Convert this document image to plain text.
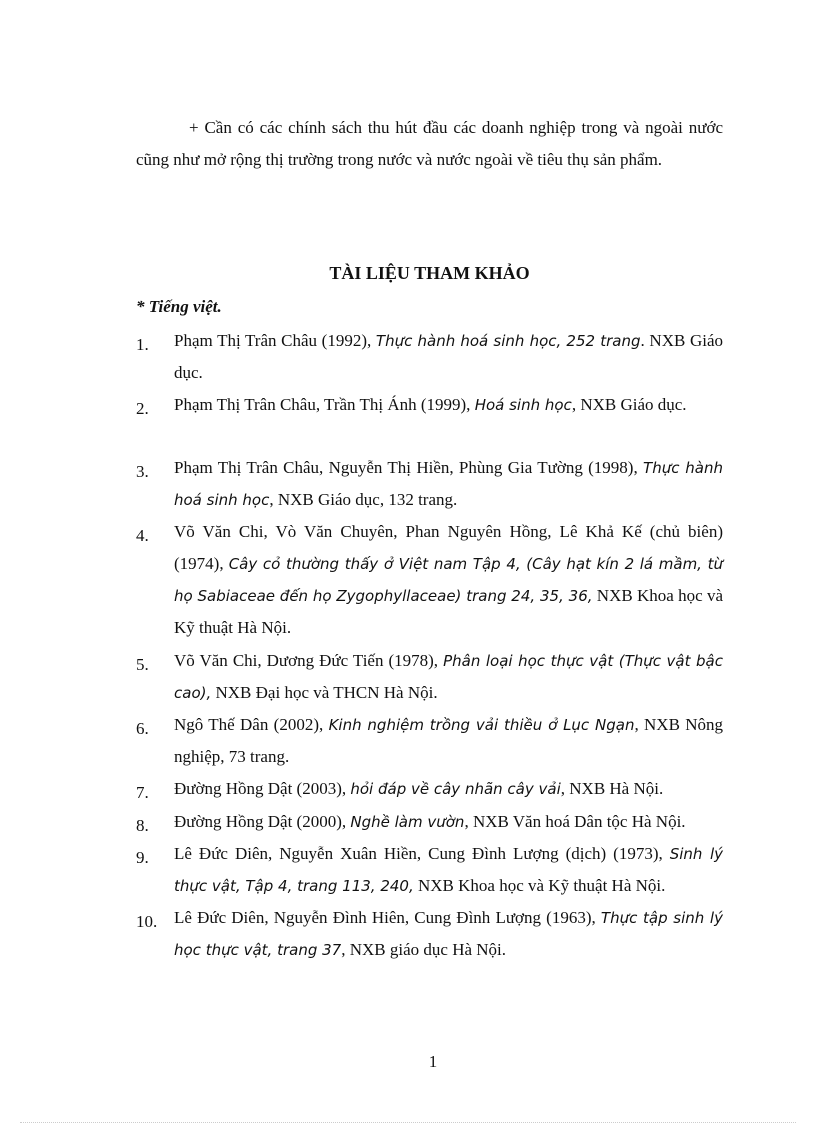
+ Cần có các chính sách thu hút đầu các doanh nghiệp trong và ngoài nước cũng như mở rộng thị trường trong nước và nước ngoài về tiêu thụ sản phẩm.

TÀI LIỆU THAM KHẢO

* Tiếng việt.

1.	Phạm Thị Trân Châu (1992), Thực hành hoá sinh học, 252 trang. NXB Giáo dục.
2.	Phạm Thị Trân Châu, Trần Thị Ánh (1999), Hoá sinh học, NXB Giáo dục.
3.	Phạm Thị Trân Châu, Nguyễn Thị Hiền, Phùng Gia Tường (1998), Thực hành hoá sinh học, NXB Giáo dục, 132 trang.
4.	Võ Văn Chi, Vò Văn Chuyên, Phan Nguyên Hồng, Lê Khả Kế (chủ biên) (1974), Cây cỏ thường thấy ở Việt nam Tập 4, (Cây hạt kín 2 lá mầm, từ họ Sabiaceae đến họ Zygophyllaceae) trang 24, 35, 36, NXB Khoa học và Kỹ thuật Hà Nội.
5.	Võ Văn Chi, Dương Đức Tiến (1978), Phân loại học thực vật (Thực vật bậc cao), NXB Đại học và THCN Hà Nội.
6.	Ngô Thế Dân (2002), Kinh nghiệm trồng vải thiều ở Lục Ngạn, NXB Nông nghiệp, 73 trang.
7.	Đường Hồng Dật (2003), hỏi đáp về cây nhãn cây vải, NXB Hà Nội.
8.	Đường Hồng Dật (2000), Nghề làm vườn, NXB Văn hoá Dân tộc Hà Nội.
9.	Lê Đức Diên, Nguyễn Xuân Hiền, Cung Đình Lượng (dịch) (1973), Sinh lý thực vật, Tập 4, trang 113, 240, NXB Khoa học và Kỹ thuật Hà Nội.
10. Lê Đức Diên, Nguyễn Đình Hiên, Cung Đình Lượng (1963), Thực tập sinh lý học thực vật, trang 37, NXB giáo dục Hà Nội.

1
